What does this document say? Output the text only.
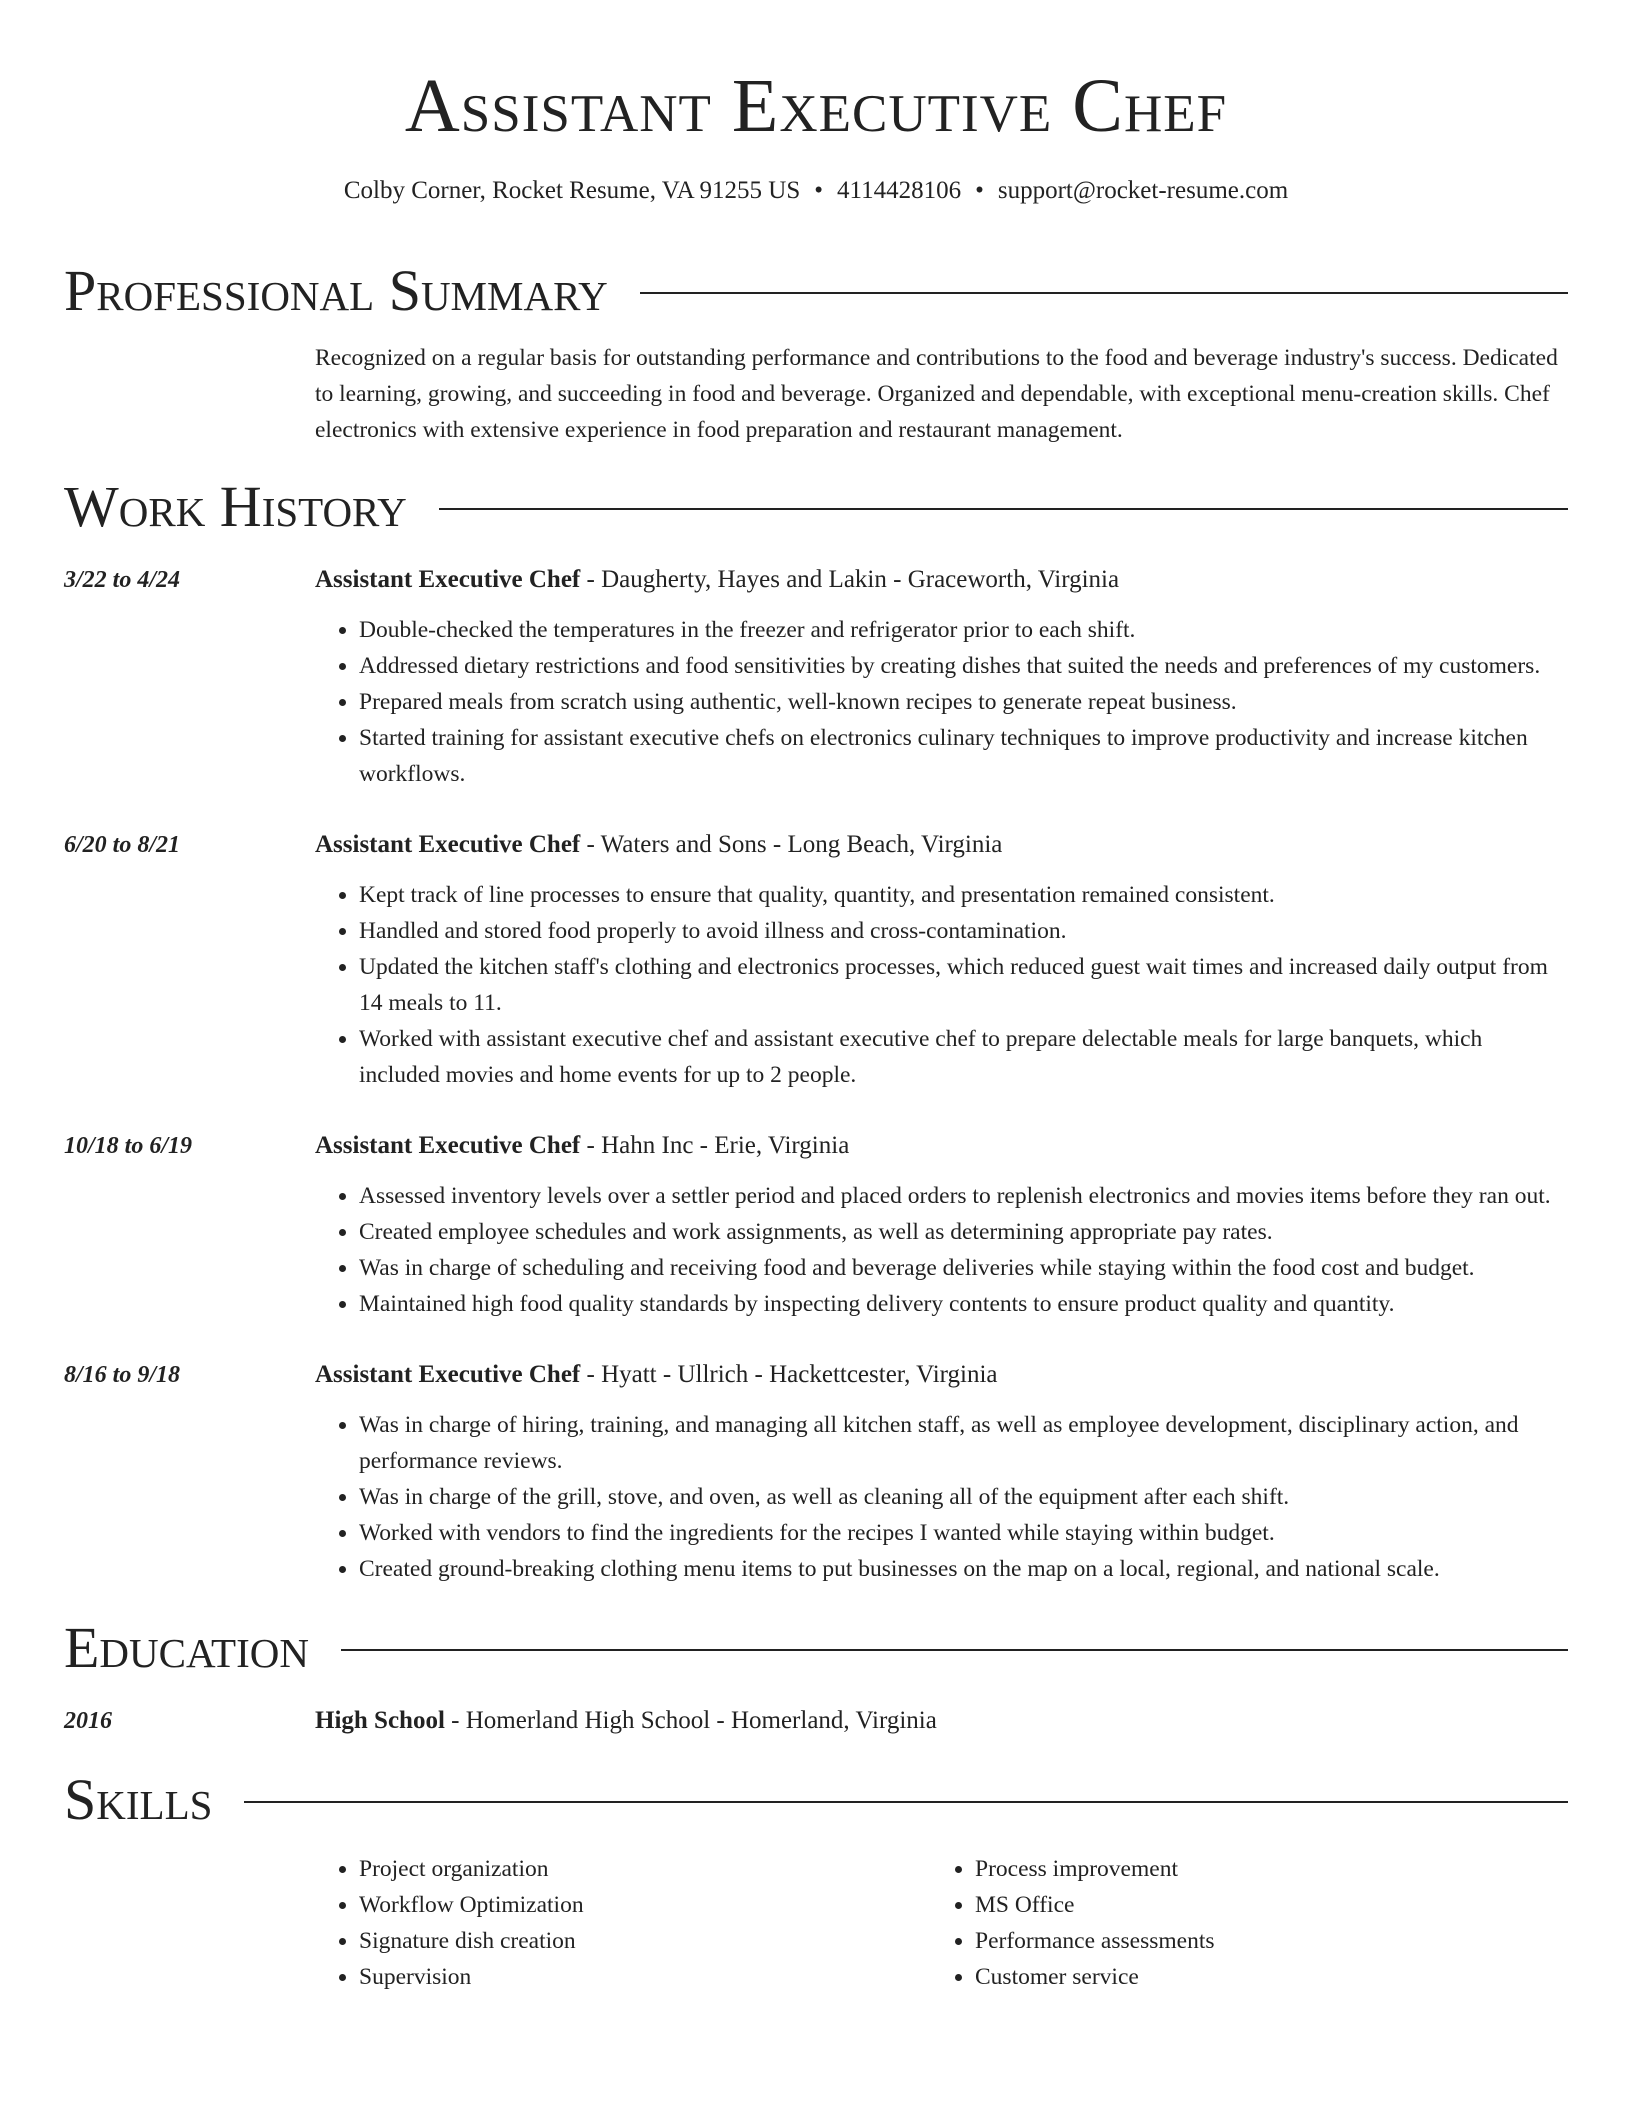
Assistant Executive Chef
Colby Corner, Rocket Resume, VA 91255 US • 4114428106 • support@rocket-resume.com
Professional Summary
Recognized on a regular basis for outstanding performance and contributions to the food and beverage industry's success. Dedicated to learning, growing, and succeeding in food and beverage. Organized and dependable, with exceptional menu-creation skills. Chef electronics with extensive experience in food preparation and restaurant management.
Work History
3/22 to 4/24	Assistant Executive Chef - Daugherty, Hayes and Lakin - Graceworth, Virginia
• Double-checked the temperatures in the freezer and refrigerator prior to each shift.
• Addressed dietary restrictions and food sensitivities by creating dishes that suited the needs and preferences of my customers.
• Prepared meals from scratch using authentic, well-known recipes to generate repeat business.
• Started training for assistant executive chefs on electronics culinary techniques to improve productivity and increase kitchen workflows.
6/20 to 8/21	Assistant Executive Chef - Waters and Sons - Long Beach, Virginia
• Kept track of line processes to ensure that quality, quantity, and presentation remained consistent.
• Handled and stored food properly to avoid illness and cross-contamination.
• Updated the kitchen staff's clothing and electronics processes, which reduced guest wait times and increased daily output from 14 meals to 11.
• Worked with assistant executive chef and assistant executive chef to prepare delectable meals for large banquets, which included movies and home events for up to 2 people.
10/18 to 6/19	Assistant Executive Chef - Hahn Inc - Erie, Virginia
• Assessed inventory levels over a settler period and placed orders to replenish electronics and movies items before they ran out.
• Created employee schedules and work assignments, as well as determining appropriate pay rates.
• Was in charge of scheduling and receiving food and beverage deliveries while staying within the food cost and budget.
• Maintained high food quality standards by inspecting delivery contents to ensure product quality and quantity.
8/16 to 9/18	Assistant Executive Chef - Hyatt - Ullrich - Hackettcester, Virginia
• Was in charge of hiring, training, and managing all kitchen staff, as well as employee development, disciplinary action, and performance reviews.
• Was in charge of the grill, stove, and oven, as well as cleaning all of the equipment after each shift.
• Worked with vendors to find the ingredients for the recipes I wanted while staying within budget.
• Created ground-breaking clothing menu items to put businesses on the map on a local, regional, and national scale.
Education
2016	High School - Homerland High School - Homerland, Virginia
Skills
• Project organization
• Workflow Optimization
• Signature dish creation
• Supervision
• Process improvement
• MS Office
• Performance assessments
• Customer service
